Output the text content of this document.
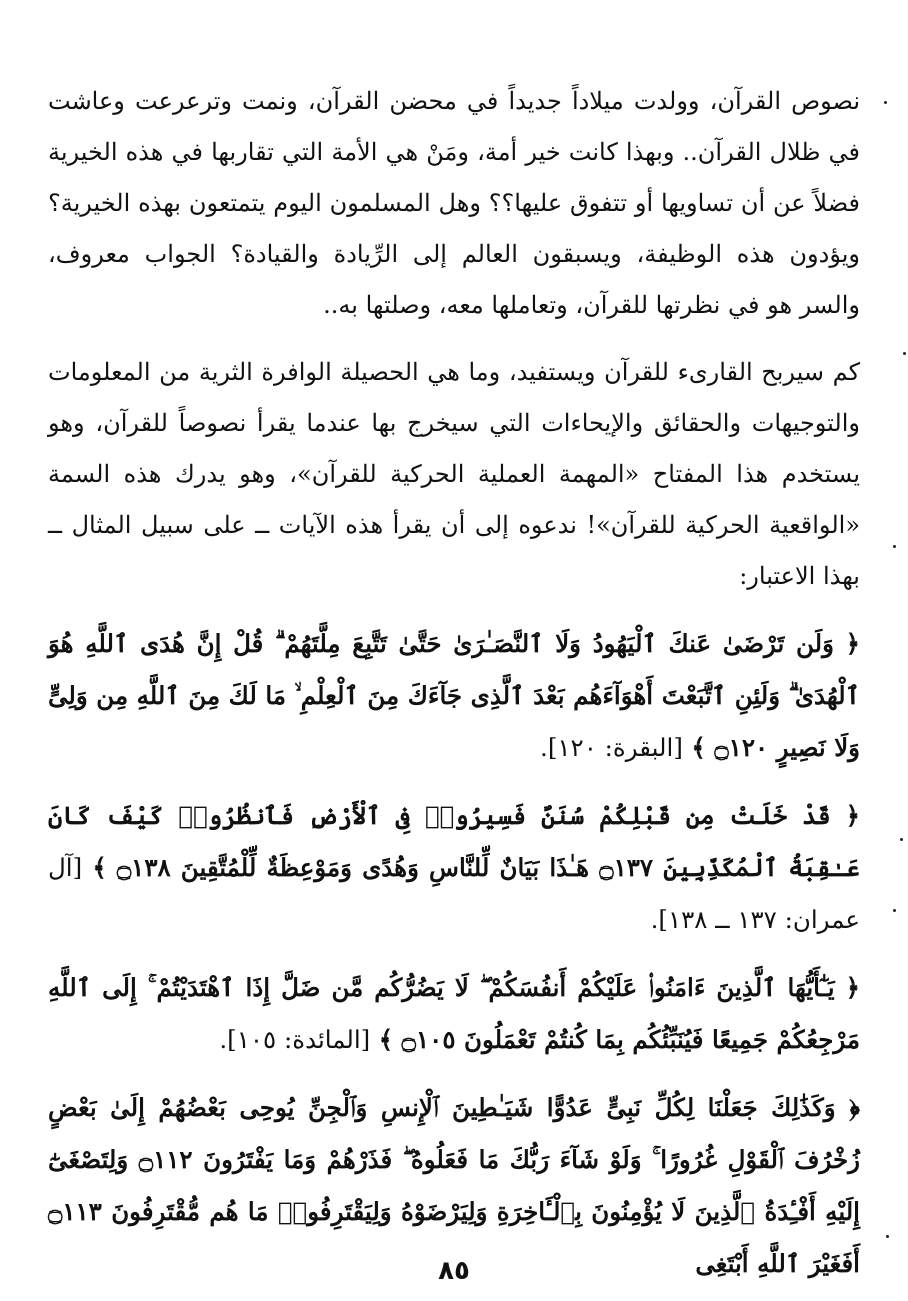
نصوص القرآن، وولدت ميلاداً جديداً في محضن القرآن، ونمت وترعرعت وعاشت في ظلال القرآن.. وبهذا كانت خير أمة، ومَنْ هي الأمة التي تقاربها في هذه الخيرية فضلاً عن أن تساويها أو تتفوق عليها؟؟ وهل المسلمون اليوم يتمتعون بهذه الخيرية؟ ويؤدون هذه الوظيفة، ويسبقون العالم إلى الرِّيادة والقيادة؟ الجواب معروف، والسر هو في نظرتها للقرآن، وتعاملها معه، وصلتها به..

كم سيربح القارىء للقرآن ويستفيد، وما هي الحصيلة الوافرة الثرية من المعلومات والتوجيهات والحقائق والإيحاءات التي سيخرج بها عندما يقرأ نصوصاً للقرآن، وهو يستخدم هذا المفتاح «المهمة العملية الحركية للقرآن»، وهو يدرك هذه السمة «الواقعية الحركية للقرآن»! ندعوه إلى أن يقرأ هذه الآيات ــ على سبيل المثال ــ بهذا الاعتبار:

﴿ وَلَن تَرْضَىٰ عَنكَ ٱلْيَهُودُ وَلَا ٱلنَّصَـٰرَىٰ حَتَّىٰ تَتَّبِعَ مِلَّتَهُمْ ۗ قُلْ إِنَّ هُدَى ٱللَّهِ هُوَ ٱلْهُدَىٰ ۗ وَلَئِنِ ٱتَّبَعْتَ أَهْوَآءَهُم بَعْدَ ٱلَّذِى جَآءَكَ مِنَ ٱلْعِلْمِ ۙ مَا لَكَ مِنَ ٱللَّهِ مِن وَلِىٍّ وَلَا نَصِيرٍ ۝١٢٠ ﴾ [البقرة: ١٢٠].

﴿ قَدْ خَلَتْ مِن قَبْلِكُمْ سُنَنٌ فَسِيرُوا۟ فِى ٱلْأَرْضِ فَٱنظُرُوا۟ كَيْفَ كَانَ عَـٰقِبَةُ ٱلْمُكَذِّبِينَ ۝١٣٧ هَـٰذَا بَيَانٌ لِّلنَّاسِ وَهُدًى وَمَوْعِظَةٌ لِّلْمُتَّقِينَ ۝١٣٨ ﴾ [آل عمران: ١٣٧ ــ ١٣٨].

﴿ يَـٰٓأَيُّهَا ٱلَّذِينَ ءَامَنُوا۟ عَلَيْكُمْ أَنفُسَكُمْ ۖ لَا يَضُرُّكُم مَّن ضَلَّ إِذَا ٱهْتَدَيْتُمْ ۚ إِلَى ٱللَّهِ مَرْجِعُكُمْ جَمِيعًا فَيُنَبِّئُكُم بِمَا كُنتُمْ تَعْمَلُونَ ۝١٠٥ ﴾ [المائدة: ١٠٥].

﴿ وَكَذَٰلِكَ جَعَلْنَا لِكُلِّ نَبِىٍّ عَدُوًّا شَيَـٰطِينَ ٱلْإِنسِ وَٱلْجِنِّ يُوحِى بَعْضُهُمْ إِلَىٰ بَعْضٍ زُخْرُفَ ٱلْقَوْلِ غُرُورًا ۚ وَلَوْ شَآءَ رَبُّكَ مَا فَعَلُوهُ ۖ فَذَرْهُمْ وَمَا يَفْتَرُونَ ۝١١٢ وَلِتَصْغَىٰٓ إِلَيْهِ أَفْـِٔدَةُ ٱلَّذِينَ لَا يُؤْمِنُونَ بِٱلْـَٔاخِرَةِ وَلِيَرْضَوْهُ وَلِيَقْتَرِفُوا۟ مَا هُم مُّقْتَرِفُونَ ۝١١٣ أَفَغَيْرَ ٱللَّهِ أَبْتَغِى

٨٥
